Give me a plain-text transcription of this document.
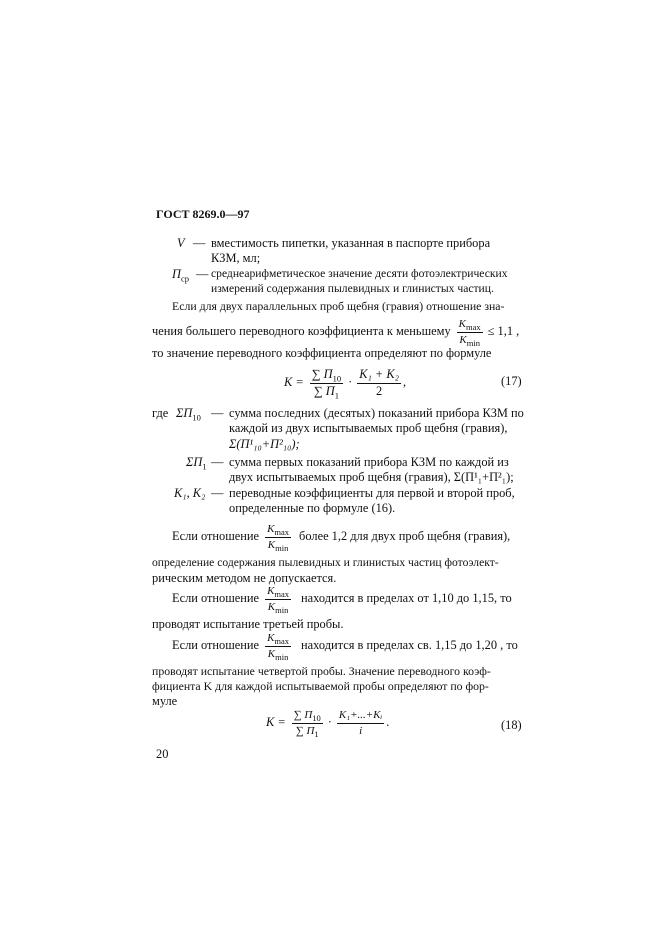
ГОСТ 8269.0—97
V — вместимость пипетки, указанная в паспорте прибора
КЗМ, мл;
$П_{ср}$ — среднеарифметическое значение десяти фотоэлектрических
измерений содержания пылевидных и глинистых частиц.
Если для двух параллельных проб щебня (гравия) отношение зна-
чения большего переводного коэффициента к меньшему $\frac{K_{max}}{K_{min}} \le 1,1$ ,
то значение переводного коэффициента определяют по формуле
$K = \frac{\sum П_{10}}{\sum П_1} \cdot \frac{\text{K₁ + K₂}}{2}$ ,	(17)
где $\Sigma П_{10}$ — сумма последних (десятых) показаний прибора КЗМ по
каждой из двух испытываемых проб щебня (гравия),
Σ(П¹₁₀+П²₁₀);
$\Sigma П_1$ — сумма первых показаний прибора КЗМ по каждой из
двух испытываемых проб щебня (гравия), Σ(П¹₁+П²₁);
K₁, K₂ — переводные коэффициенты для первой и второй проб,
определенные по формуле (16).
Если отношение $\frac{K_{max}}{K_{min}}$ более 1,2 для двух проб щебня (гравия),
определение содержания пылевидных и глинистых частиц фотоэлект-
рическим методом не допускается.
Если отношение $\frac{K_{max}}{K_{min}}$ находится в пределах от 1,10 до 1,15, то
проводят испытание третьей пробы.
Если отношение $\frac{K_{max}}{K_{min}}$ находится в пределах св. 1,15 до 1,20 , то
проводят испытание четвертой пробы. Значение переводного коэф-
фициента K для каждой испытываемой пробы определяют по фор-
муле
$K = \frac{\sum П_{10}}{\sum П_1} \cdot \frac{\text{K₁+...+Kᵢ}}{i}$ .	(18)
20
